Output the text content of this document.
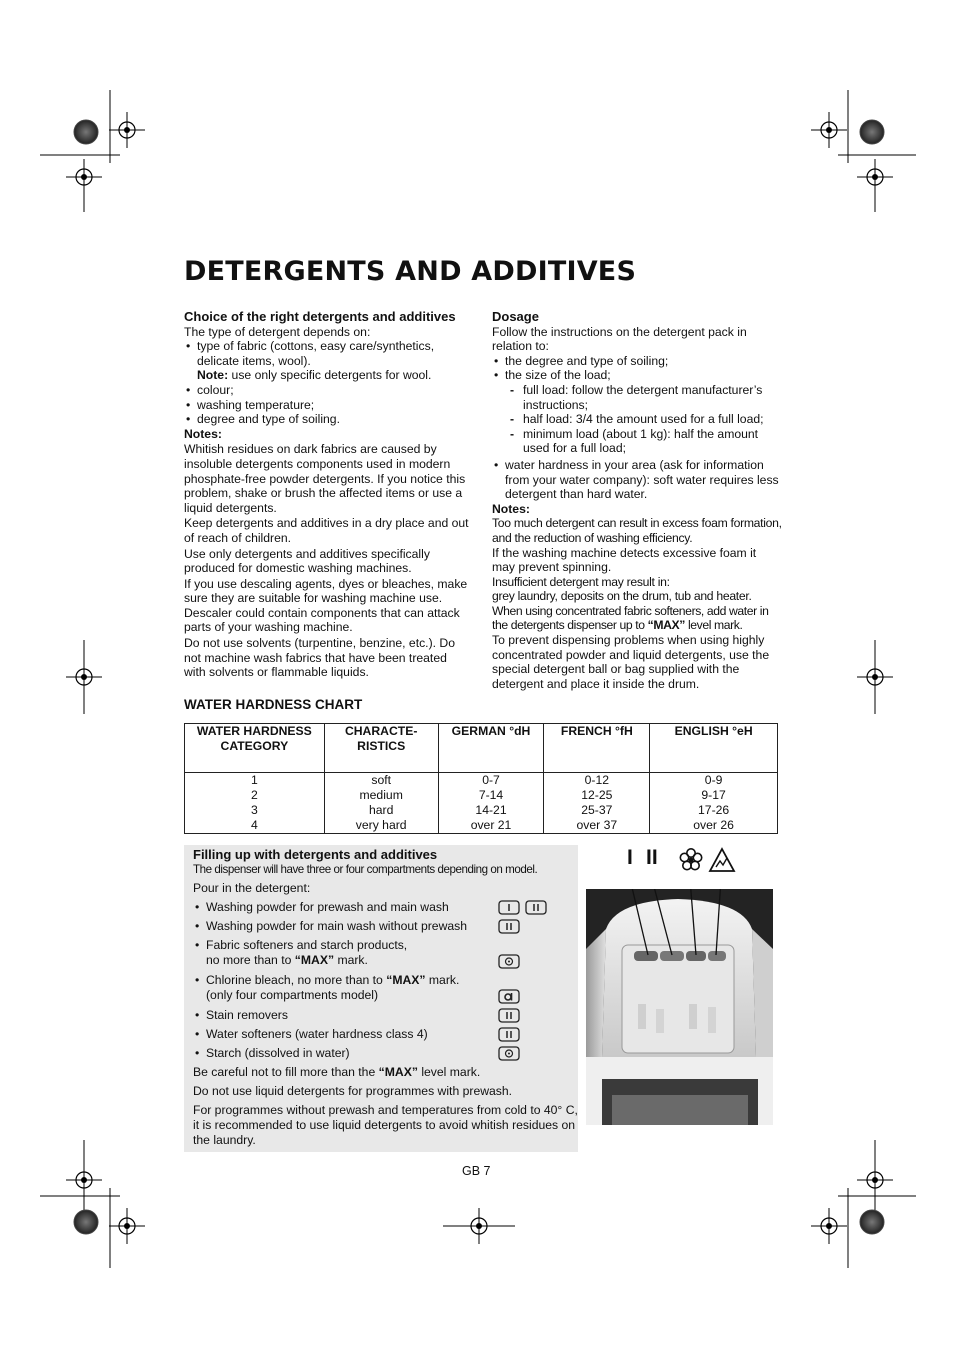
DETERGENTS AND ADDITIVES

Choice of the right detergents and additives

The type of detergent depends on:

• type of fabric (cottons, easy care/synthetics, delicate items, wool).
Note: use only specific detergents for wool.

• colour;

• washing temperature;

• degree and type of soiling.

Notes:

Whitish residues on dark fabrics are caused by insoluble detergents components used in modern phosphate-free powder detergents. If you notice this problem, shake or brush the affected items or use a liquid detergents.

Keep detergents and additives in a dry place and out of reach of children.

Use only detergents and additives specifically produced for domestic washing machines.

If you use descaling agents, dyes or bleaches, make sure they are suitable for washing machine use. Descaler could contain components that can attack parts of your washing machine.

Do not use solvents (turpentine, benzine, etc.). Do not machine wash fabrics that have been treated with solvents or flammable liquids.

Dosage

Follow the instructions on the detergent pack in relation to:

• the degree and type of soiling;

• the size of the load;

- full load: follow the detergent manufacturer’s instructions;

- half load: 3/4 the amount used for a full load;

- minimum load (about 1 kg): half the amount used for a full load;

• water hardness in your area (ask for information from your water company): soft water requires less detergent than hard water.

Notes:

Too much detergent can result in excess foam formation, and the reduction of washing efficiency.

If the washing machine detects excessive foam it may prevent spinning.

Insufficient detergent may result in:

grey laundry, deposits on the drum, tub and heater.

When using concentrated fabric softeners, add water in the detergents dispenser up to “MAX” level mark.

To prevent dispensing problems when using highly concentrated powder and liquid detergents, use the special detergent ball or bag supplied with the detergent and place it inside the drum.

WATER HARDNESS CHART
WATER HARDNESS CATEGORY	CHARACTE- RISTICS	GERMAN °dH	FRENCH °fH	ENGLISH °eH
1	soft	0-7	0-12	0-9
2	medium	7-14	12-25	9-17
3	hard	14-21	25-37	17-26
4	very hard	over 21	over 37	over 26

Filling up with detergents and additives

The dispenser will have three or four compartments depending on model.

Pour in the detergent:

• Washing powder for prewash and main wash

• Washing powder for main wash without prewash

• Fabric softeners and starch products,
no more than to “MAX” mark.

• Chlorine bleach, no more than to “MAX” mark.
(only four compartments model)

• Stain removers

• Water softeners (water hardness class 4)

• Starch (dissolved in water)

Be careful not to fill more than the “MAX” level mark.

Do not use liquid detergents for programmes with prewash.

For programmes without prewash and temperatures from cold to 40° C, it is recommended to use liquid detergents to avoid whitish residues on the laundry.

I II
GB 7
